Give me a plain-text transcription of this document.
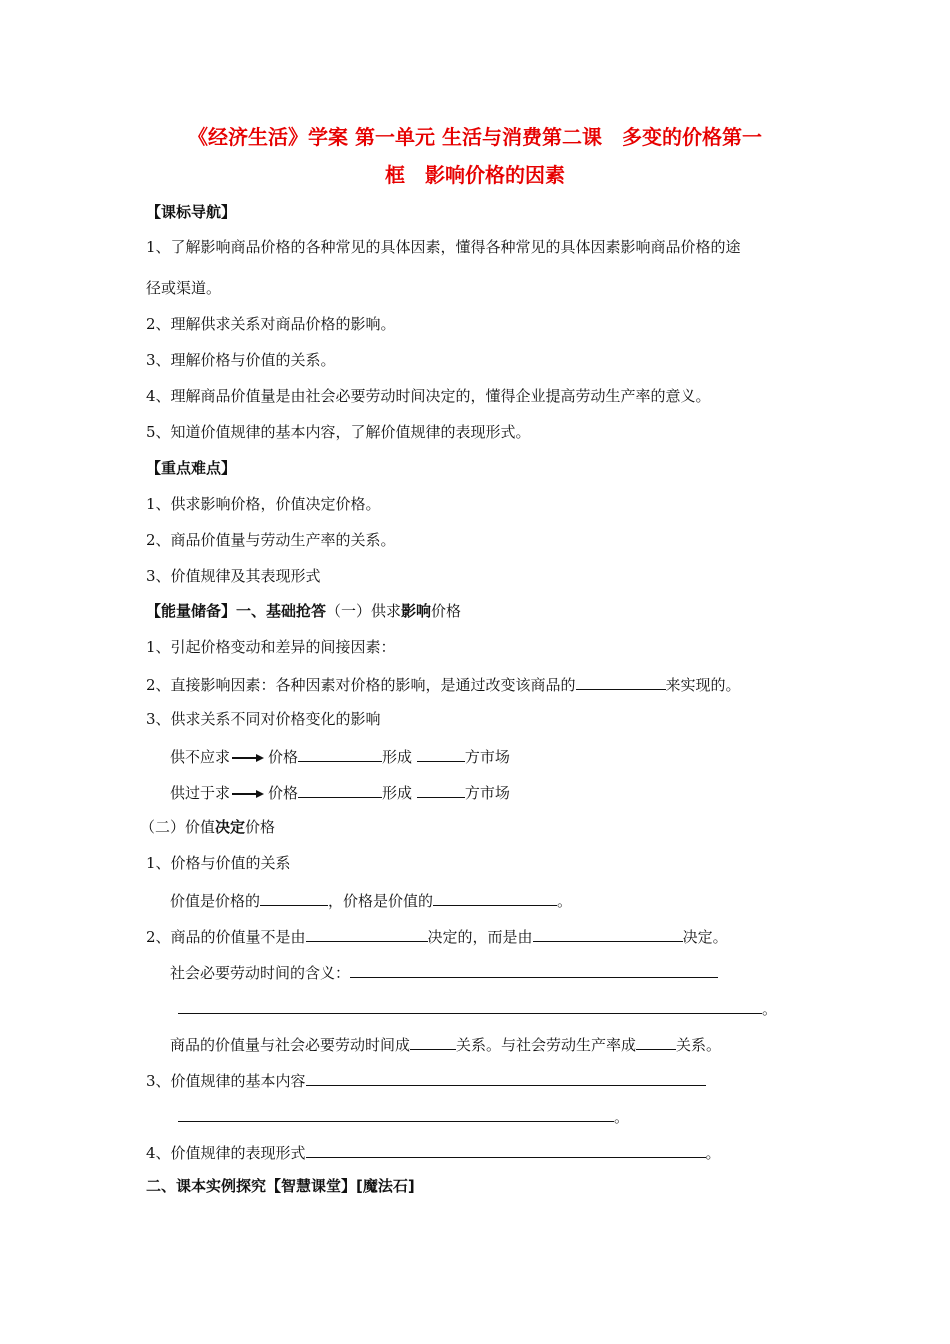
《经济生活》学案 第一单元 生活与消费第二课　多变的价格第一
框　影响价格的因素
【课标导航】
1、了解影响商品价格的各种常见的具体因素，懂得各种常见的具体因素影响商品价格的途
径或渠道。
2、理解供求关系对商品价格的影响。
3、理解价格与价值的关系。
4、理解商品价值量是由社会必要劳动时间决定的，懂得企业提高劳动生产率的意义。
5、知道价值规律的基本内容，了解价值规律的表现形式。
【重点难点】
1、供求影响价格，价值决定价格。
2、商品价值量与劳动生产率的关系。
3、价值规律及其表现形式
【能量储备】一、基础抢答（一）供求影响价格
1、引起价格变动和差异的间接因素：
2、直接影响因素：各种因素对价格的影响，是通过改变该商品的	来实现的。
3、供求关系不同对价格变化的影响
供不应求	价格	形成	方市场
供过于求	价格	形成	方市场
（二）价值决定价格
1、价格与价值的关系
价值是价格的	，价格是价值的	。
2、商品的价值量不是由	决定的，而是由	决定。
社会必要劳动时间的含义：
。
商品的价值量与社会必要劳动时间成	关系。与社会劳动生产率成	关系。
3、价值规律的基本内容
。
4、价值规律的表现形式	。
二、课本实例探究【智慧课堂】[魔法石]
